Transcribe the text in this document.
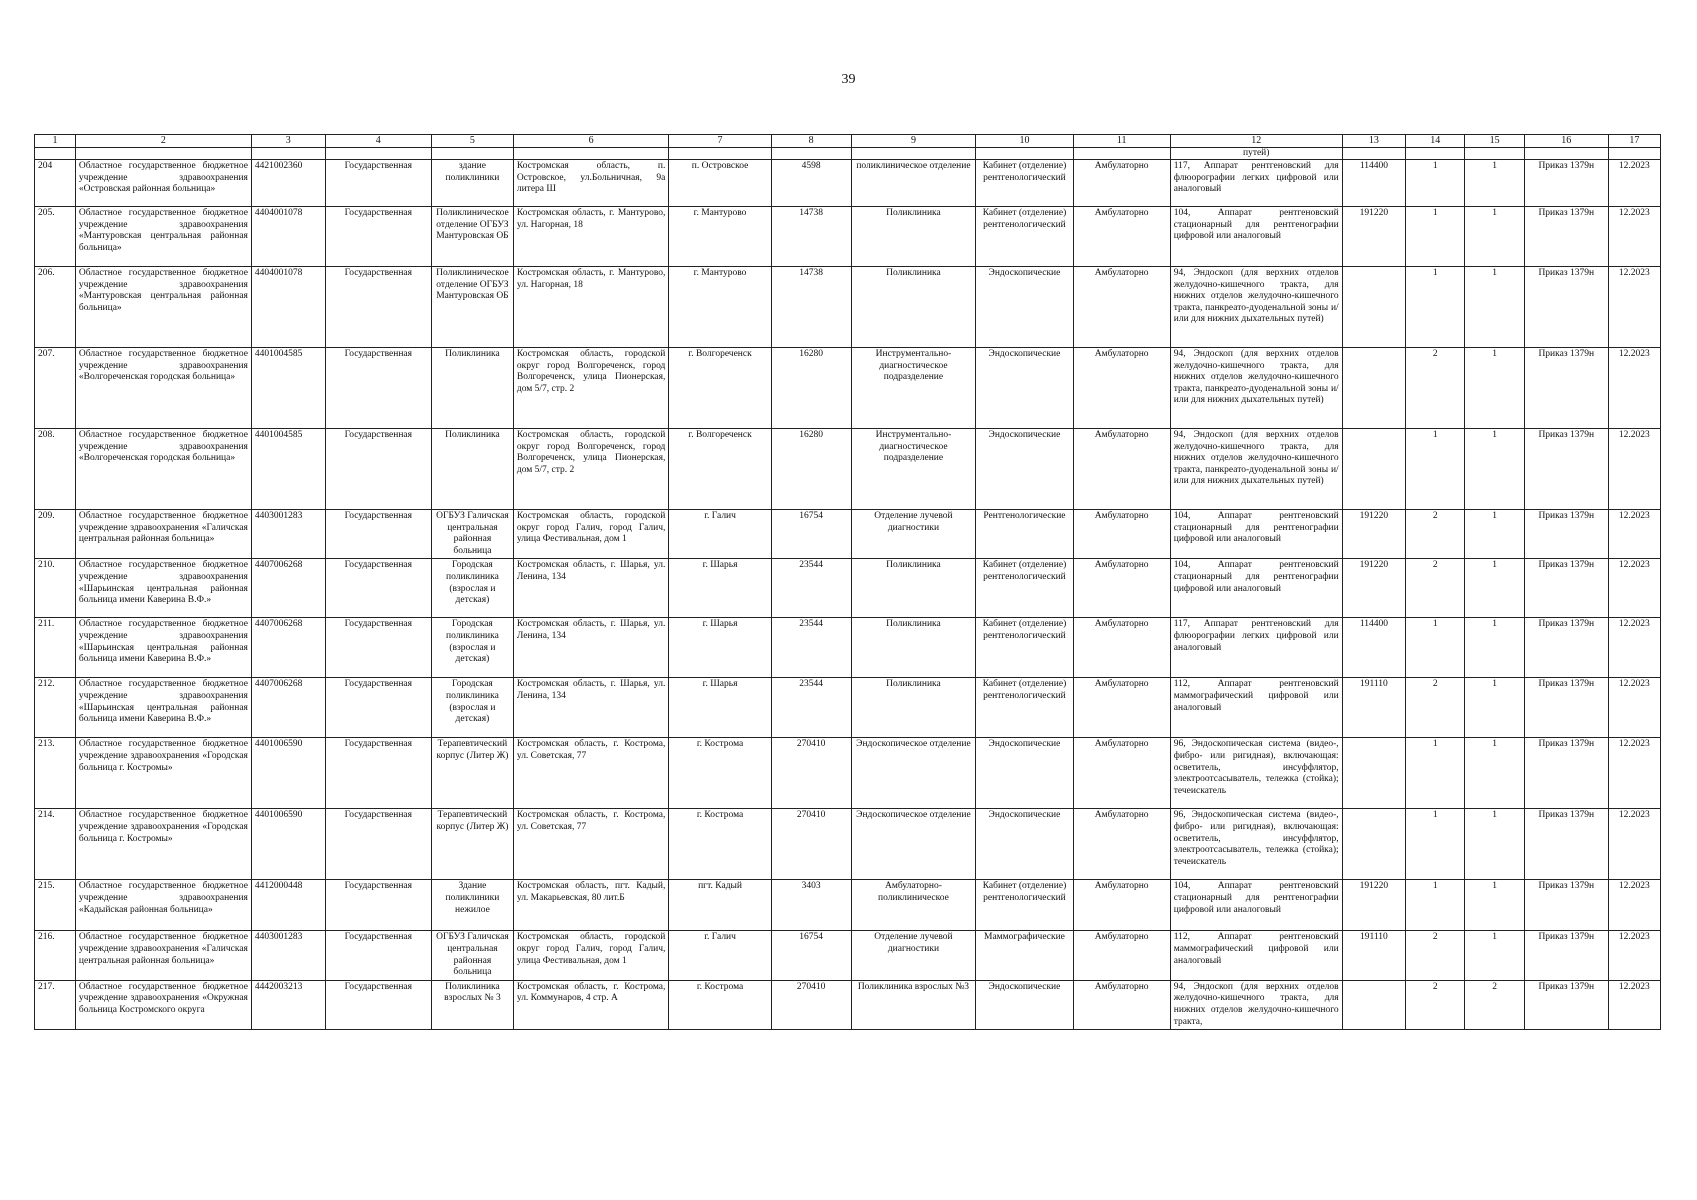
39
1	2	3	4	5	6	7	8	9	10	11	12	13	14	15	16	17
											путей)					
204	Областное государственное бюджетное учреждение здравоохранения «Островская районная больница»	4421002360	Государственная	здание поликлиники	Костромская область, п. Островское, ул.Больничная, 9а литера Ш	п. Островское	4598	поликлиническое отделение	Кабинет (отделение) рентгенологический	Амбулаторно	117, Аппарат рентгеновский для флюорографии легких цифровой или аналоговый	114400	1	1	Приказ 1379н	12.2023
205.	Областное государственное бюджетное учреждение здравоохранения «Мантуровская центральная районная больница»	4404001078	Государственная	Поликлиническое отделение ОГБУЗ Мантуровская ОБ	Костромская область, г. Мантурово, ул. Нагорная, 18	г. Мантурово	14738	Поликлиника	Кабинет (отделение) рентгенологический	Амбулаторно	104, Аппарат рентгеновский стационарный для рентгенографии цифровой или аналоговый	191220	1	1	Приказ 1379н	12.2023
206.	Областное государственное бюджетное учреждение здравоохранения «Мантуровская центральная районная больница»	4404001078	Государственная	Поликлиническое отделение ОГБУЗ Мантуровская ОБ	Костромская область, г. Мантурово, ул. Нагорная, 18	г. Мантурово	14738	Поликлиника	Эндоскопические	Амбулаторно	94, Эндоскоп (для верхних отделов желудочно-кишечного тракта, для нижних отделов желудочно-кишечного тракта, панкреато-дуоденальной зоны и/или для нижних дыхательных путей)		1	1	Приказ 1379н	12.2023
207.	Областное государственное бюджетное учреждение здравоохранения «Волгореченская городская больница»	4401004585	Государственная	Поликлиника	Костромская область, городской округ город Волгореченск, город Волгореченск, улица Пионерская, дом 5/7, стр. 2	г. Волгореченск	16280	Инструментально-диагностическое подразделение	Эндоскопические	Амбулаторно	94, Эндоскоп (для верхних отделов желудочно-кишечного тракта, для нижних отделов желудочно-кишечного тракта, панкреато-дуоденальной зоны и/или для нижних дыхательных путей)		2	1	Приказ 1379н	12.2023
208.	Областное государственное бюджетное учреждение здравоохранения «Волгореченская городская больница»	4401004585	Государственная	Поликлиника	Костромская область, городской округ город Волгореченск, город Волгореченск, улица Пионерская, дом 5/7, стр. 2	г. Волгореченск	16280	Инструментально-диагностическое подразделение	Эндоскопические	Амбулаторно	94, Эндоскоп (для верхних отделов желудочно-кишечного тракта, для нижних отделов желудочно-кишечного тракта, панкреато-дуоденальной зоны и/или для нижних дыхательных путей)		1	1	Приказ 1379н	12.2023
209.	Областное государственное бюджетное учреждение здравоохранения «Галичская центральная районная больница»	4403001283	Государственная	ОГБУЗ Галичская центральная районная больница	Костромская область, городской округ город Галич, город Галич, улица Фестивальная, дом 1	г. Галич	16754	Отделение лучевой диагностики	Рентгенологические	Амбулаторно	104, Аппарат рентгеновский стационарный для рентгенографии цифровой или аналоговый	191220	2	1	Приказ 1379н	12.2023
210.	Областное государственное бюджетное учреждение здравоохранения «Шарьинская центральная районная больница имени Каверина В.Ф.»	4407006268	Государственная	Городская поликлиника (взрослая и детская)	Костромская область, г. Шарья, ул. Ленина, 134	г. Шарья	23544	Поликлиника	Кабинет (отделение) рентгенологический	Амбулаторно	104, Аппарат рентгеновский стационарный для рентгенографии цифровой или аналоговый	191220	2	1	Приказ 1379н	12.2023
211.	Областное государственное бюджетное учреждение здравоохранения «Шарьинская центральная районная больница имени Каверина В.Ф.»	4407006268	Государственная	Городская поликлиника (взрослая и детская)	Костромская область, г. Шарья, ул. Ленина, 134	г. Шарья	23544	Поликлиника	Кабинет (отделение) рентгенологический	Амбулаторно	117, Аппарат рентгеновский для флюорографии легких цифровой или аналоговый	114400	1	1	Приказ 1379н	12.2023
212.	Областное государственное бюджетное учреждение здравоохранения «Шарьинская центральная районная больница имени Каверина В.Ф.»	4407006268	Государственная	Городская поликлиника (взрослая и детская)	Костромская область, г. Шарья, ул. Ленина, 134	г. Шарья	23544	Поликлиника	Кабинет (отделение) рентгенологический	Амбулаторно	112, Аппарат рентгеновский маммографический цифровой или аналоговый	191110	2	1	Приказ 1379н	12.2023
213.	Областное государственное бюджетное учреждение здравоохранения «Городская больница г. Костромы»	4401006590	Государственная	Терапевтический корпус (Литер Ж)	Костромская область, г. Кострома, ул. Советская, 77	г. Кострома	270410	Эндоскопическое отделение	Эндоскопические	Амбулаторно	96, Эндоскопическая система (видео-, фибро- или ригидная), включающая: осветитель, инсуффлятор, электроотсасыватель, тележка (стойка); течеискатель		1	1	Приказ 1379н	12.2023
214.	Областное государственное бюджетное учреждение здравоохранения «Городская больница г. Костромы»	4401006590	Государственная	Терапевтический корпус (Литер Ж)	Костромская область, г. Кострома, ул. Советская, 77	г. Кострома	270410	Эндоскопическое отделение	Эндоскопические	Амбулаторно	96, Эндоскопическая система (видео-, фибро- или ригидная), включающая: осветитель, инсуффлятор, электроотсасыватель, тележка (стойка); течеискатель		1	1	Приказ 1379н	12.2023
215.	Областное государственное бюджетное учреждение здравоохранения «Кадыйская районная больница»	4412000448	Государственная	Здание поликлиники нежилое	Костромская область, пгт. Кадый, ул. Макарьевская, 80 лит.Б	пгт. Кадый	3403	Амбулаторно-поликлиническое	Кабинет (отделение) рентгенологический	Амбулаторно	104, Аппарат рентгеновский стационарный для рентгенографии цифровой или аналоговый	191220	1	1	Приказ 1379н	12.2023
216.	Областное государственное бюджетное учреждение здравоохранения «Галичская центральная районная больница»	4403001283	Государственная	ОГБУЗ Галичская центральная районная больница	Костромская область, городской округ город Галич, город Галич, улица Фестивальная, дом 1	г. Галич	16754	Отделение лучевой диагностики	Маммографические	Амбулаторно	112, Аппарат рентгеновский маммографический цифровой или аналоговый	191110	2	1	Приказ 1379н	12.2023
217.	Областное государственное бюджетное учреждение здравоохранения «Окружная больница Костромского округа	4442003213	Государственная	Поликлиника взрослых № 3	Костромская область, г. Кострома, ул. Коммунаров, 4 стр. А	г. Кострома	270410	Поликлиника взрослых №3	Эндоскопические	Амбулаторно	94, Эндоскоп (для верхних отделов желудочно-кишечного тракта, для нижних отделов желудочно-кишечного тракта,		2	2	Приказ 1379н	12.2023
